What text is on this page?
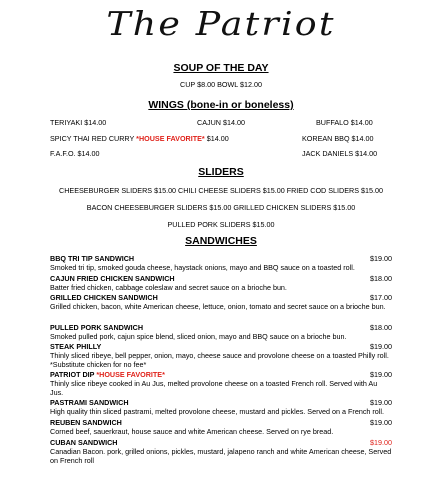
The Patriot
SOUP OF THE DAY
CUP $8.00 BOWL $12.00
WINGS (bone-in or boneless)
TERIYAKI $14.00	CAJUN $14.00	BUFFALO $14.00
SPICY THAI RED CURRY *HOUSE FAVORITE* $14.00	KOREAN BBQ $14.00
F.A.F.O. $14.00	JACK DANIELS $14.00
SLIDERS
CHEESEBURGER SLIDERS $15.00 CHILI CHEESE SLIDERS $15.00 FRIED COD SLIDERS $15.00
BACON CHEESEBURGER SLIDERS $15.00 GRILLED CHICKEN SLIDERS $15.00
PULLED PORK SLIDERS $15.00
SANDWICHES
BBQ TRI TIP SANDWICH	$19.00
Smoked tri tip, smoked gouda cheese, haystack onions, mayo and BBQ sauce on a toasted roll.
CAJUN FRIED CHICKEN SANDWICH	$18.00
Batter fried chicken, cabbage coleslaw and secret sauce on a brioche bun.
GRILLED CHICKEN SANDWICH	$17.00
Grilled chicken, bacon, white American cheese, lettuce, onion, tomato and secret sauce on a brioche bun.
PULLED PORK SANDWICH	$18.00
Smoked pulled pork, cajun spice blend, sliced onion, mayo and BBQ sauce on a brioche bun.
STEAK PHILLY	$19.00
Thinly sliced ribeye, bell pepper, onion, mayo, cheese sauce and provolone cheese on a toasted Philly roll. *Substitute chicken for no fee*
PATRIOT DIP *HOUSE FAVORITE*	$19.00
Thinly slice ribeye cooked in Au Jus, melted provolone cheese on a toasted French roll. Served with Au Jus.
PASTRAMI SANDWICH	$19.00
High quality thin sliced pastrami, melted provolone cheese, mustard and pickles. Served on a French roll.
REUBEN SANDWICH	$19.00
Corned beef, sauerkraut, house sauce and white American cheese. Served on rye bread.
CUBAN SANDWICH	$19.00
Canadian Bacon. pork, grilled onions, pickles, mustard, jalapeno ranch and white American cheese, Served on French roll
